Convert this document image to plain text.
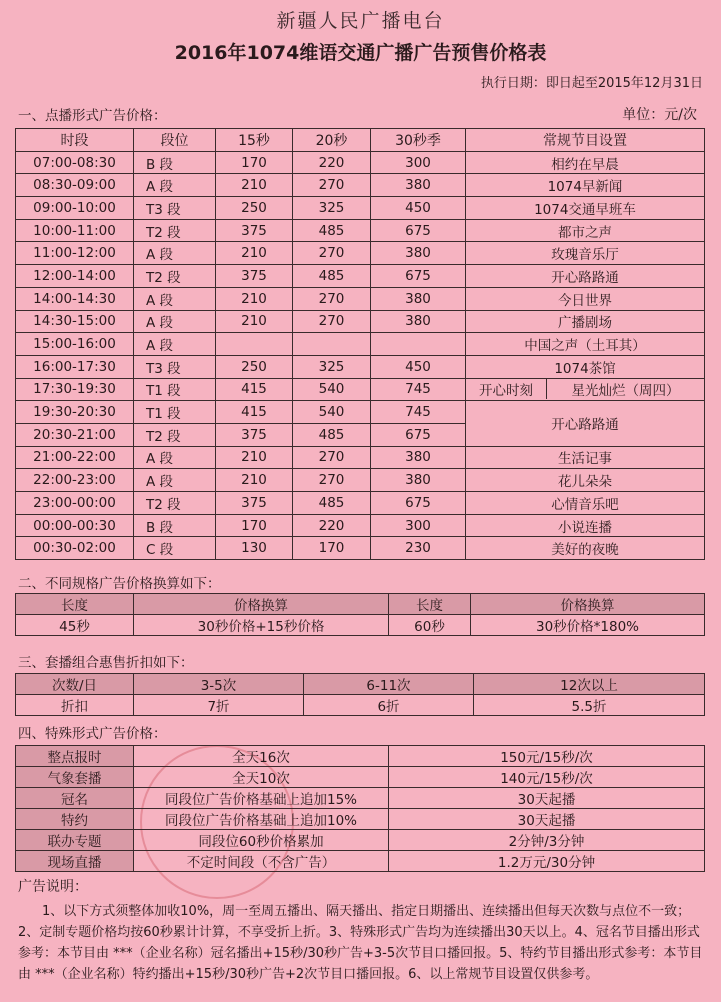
新疆人民广播电台
2016年1074维语交通广播广告预售价格表
执行日期：即日起至2015年12月31日
一、点播形式广告价格：	单位：元/次
时段	段位	15秒	20秒	30秒季	常规节目设置
07:00-08:30	B 段	170	220	300	相约在早晨
08:30-09:00	A 段	210	270	380	1074早新闻
09:00-10:00	T3 段	250	325	450	1074交通早班车
10:00-11:00	T2 段	375	485	675	都市之声
11:00-12:00	A 段	210	270	380	玫瑰音乐厅
12:00-14:00	T2 段	375	485	675	开心路路通
14:00-14:30	A 段	210	270	380	今日世界
14:30-15:00	A 段	210	270	380	广播剧场
15:00-16:00	A 段				中国之声（土耳其）
16:00-17:30	T3 段	250	325	450	1074茶馆
17:30-19:30	T1 段	415	540	745	开心时刻 星光灿烂（周四）

19:30-20:30	T1 段	415	540	745	开心路路通
20:30-21:00	T2 段	375	485	675	
21:00-22:00	A 段	210	270	380	生活记事
22:00-23:00	A 段	210	270	380	花儿朵朵
23:00-00:00	T2 段	375	485	675	心情音乐吧
00:00-00:30	B 段	170	220	300	小说连播
00:30-02:00	C 段	130	170	230	美好的夜晚
二、不同规格广告价格换算如下：
长度	价格换算	长度	价格换算
45秒	30秒价格+15秒价格	60秒	30秒价格*180%
三、套播组合惠售折扣如下：
次数/日	3-5次	6-11次	12次以上
折扣	7折	6折	5.5折
四、特殊形式广告价格：
整点报时	全天16次	150元/15秒/次
气象套播	全天10次	140元/15秒/次
冠名	同段位广告价格基础上追加15%	30天起播
特约	同段位广告价格基础上追加10%	30天起播
联办专题	同段位60秒价格累加	2分钟/3分钟
现场直播	不定时间段（不含广告）	1.2万元/30分钟
广告说明：
1、以下方式须整体加收10%，周一至周五播出、隔天播出、指定日期播出、连续播出但每天次数与点位不一致；2、定制专题价格均按60秒累计计算，不享受折上折。3、特殊形式广告均为连续播出30天以上。4、冠名节目播出形式参考：本节目由 ***（企业名称）冠名播出+15秒/30秒广告+3-5次节目口播回报。5、特约节目播出形式参考：本节目由 ***（企业名称）特约播出+15秒/30秒广告+2次节目口播回报。6、以上常规节目设置仅供参考。
